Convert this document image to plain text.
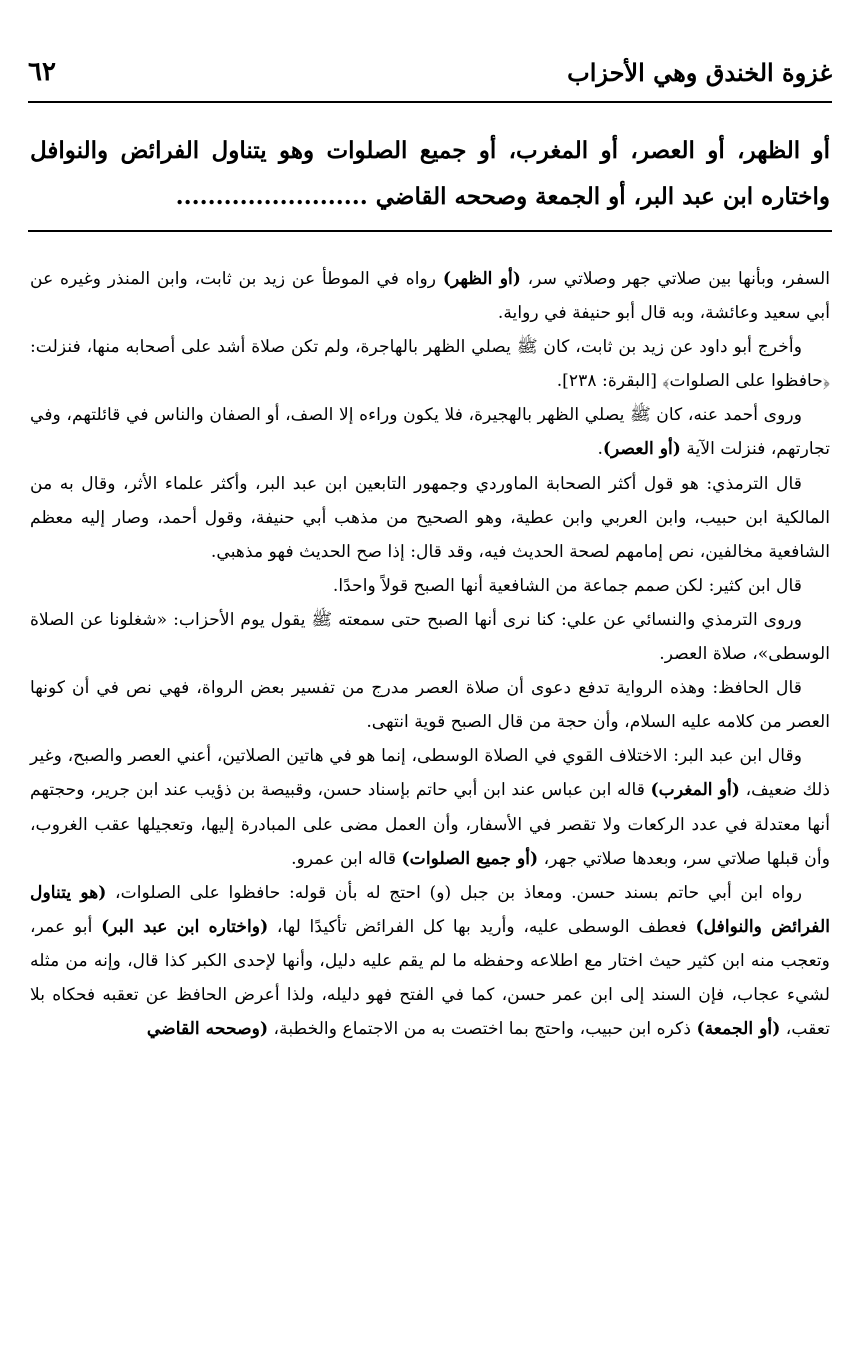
غزوة الخندق وهي الأحزاب
٦٢
أو الظهر، أو العصر، أو المغرب، أو جميع الصلوات وهو يتناول الفرائض والنوافل واختاره ابن عبد البر، أو الجمعة وصححه القاضي ........................

السفر، وبأنها بين صلاتي جهر وصلاتي سر، (أو الظهر) رواه في الموطأ عن زيد بن ثابت، وابن المنذر وغيره عن أبي سعيد وعائشة، وبه قال أبو حنيفة في رواية.

وأخرج أبو داود عن زيد بن ثابت، كان ﷺ يصلي الظهر بالهاجرة، ولم تكن صلاة أشد على أصحابه منها، فنزلت: ﴿حافظوا على الصلوات﴾ [البقرة: ٢٣٨].

وروى أحمد عنه، كان ﷺ يصلي الظهر بالهجيرة، فلا يكون وراءه إلا الصف، أو الصفان والناس في قائلتهم، وفي تجارتهم، فنزلت الآية (أو العصر).

قال الترمذي: هو قول أكثر الصحابة الماوردي وجمهور التابعين ابن عبد البر، وأكثر علماء الأثر، وقال به من المالكية ابن حبيب، وابن العربي وابن عطية، وهو الصحيح من مذهب أبي حنيفة، وقول أحمد، وصار إليه معظم الشافعية مخالفين، نص إمامهم لصحة الحديث فيه، وقد قال: إذا صح الحديث فهو مذهبي.

قال ابن كثير: لكن صمم جماعة من الشافعية أنها الصبح قولاً واحدًا.

وروى الترمذي والنسائي عن علي: كنا نرى أنها الصبح حتى سمعته ﷺ يقول يوم الأحزاب: «شغلونا عن الصلاة الوسطى»، صلاة العصر.

قال الحافظ: وهذه الرواية تدفع دعوى أن صلاة العصر مدرج من تفسير بعض الرواة، فهي نص في أن كونها العصر من كلامه عليه السلام، وأن حجة من قال الصبح قوية انتهى.

وقال ابن عبد البر: الاختلاف القوي في الصلاة الوسطى، إنما هو في هاتين الصلاتين، أعني العصر والصبح، وغير ذلك ضعيف، (أو المغرب) قاله ابن عباس عند ابن أبي حاتم بإسناد حسن، وقبيصة بن ذؤيب عند ابن جرير، وحجتهم أنها معتدلة في عدد الركعات ولا تقصر في الأسفار، وأن العمل مضى على المبادرة إليها، وتعجيلها عقب الغروب، وأن قبلها صلاتي سر، وبعدها صلاتي جهر، (أو جميع الصلوات) قاله ابن عمرو.

رواه ابن أبي حاتم بسند حسن. ومعاذ بن جبل (و) احتج له بأن قوله: حافظوا على الصلوات، (هو يتناول الفرائض والنوافل) فعطف الوسطى عليه، وأريد بها كل الفرائض تأكيدًا لها، (واختاره ابن عبد البر) أبو عمر، وتعجب منه ابن كثير حيث اختار مع اطلاعه وحفظه ما لم يقم عليه دليل، وأنها لإحدى الكبر كذا قال، وإنه من مثله لشيء عجاب، فإن السند إلى ابن عمر حسن، كما في الفتح فهو دليله، ولذا أعرض الحافظ عن تعقبه فحكاه بلا تعقب، (أو الجمعة) ذكره ابن حبيب، واحتج بما اختصت به من الاجتماع والخطبة، (وصححه القاضي
